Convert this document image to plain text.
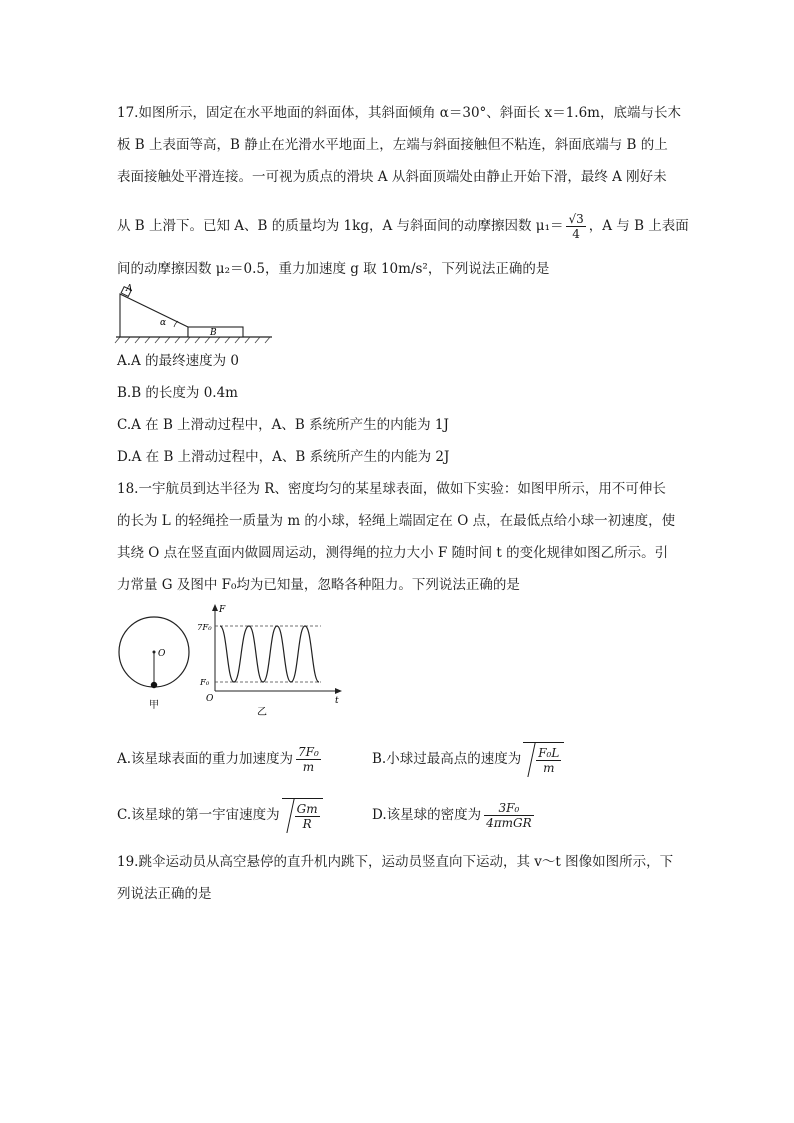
17.如图所示，固定在水平地面的斜面体，其斜面倾角 α＝30°、斜面长 x＝1.6m，底端与长木
板 B 上表面等高，B 静止在光滑水平地面上，左端与斜面接触但不粘连，斜面底端与 B 的上
表面接触处平滑连接。一可视为质点的滑块 A 从斜面顶端处由静止开始下滑，最终 A 刚好未
从 B 上滑下。已知 A、B 的质量均为 1kg，A 与斜面间的动摩擦因数 $\mu_1= \frac{√3}{4}$ ，A 与 B 上表面
间的动摩擦因数 μ₂＝0.5，重力加速度 g 取 10m/s²，下列说法正确的是
A
α
B
A.A 的最终速度为 0
B.B 的长度为 0.4m
C.A 在 B 上滑动过程中，A、B 系统所产生的内能为 1J
D.A 在 B 上滑动过程中，A、B 系统所产生的内能为 2J
18.一宇航员到达半径为 R、密度均匀的某星球表面，做如下实验：如图甲所示，用不可伸长
的长为 L 的轻绳拴一质量为 m 的小球，轻绳上端固定在 O 点，在最低点给小球一初速度，使
其绕 O 点在竖直面内做圆周运动，测得绳的拉力大小 F 随时间 t 的变化规律如图乙所示。引
力常量 G 及图中 F₀均为已知量，忽略各种阻力。下列说法正确的是
O
甲
F
t
O
7F₀
F₀
乙
A.该星球表面的重力加速度为 $\frac{\text{7F₀}}{m}$	B.小球过最高点的速度为 $\frac{\text{F₀L}}{m}$
C.该星球的第一宇宙速度为 $\frac{Gm}{R}$	D.该星球的密度为 $\frac{\text{3F₀}}{\text{4πmGR}}$
19.跳伞运动员从高空悬停的直升机内跳下，运动员竖直向下运动，其 v～t 图像如图所示，下
列说法正确的是
